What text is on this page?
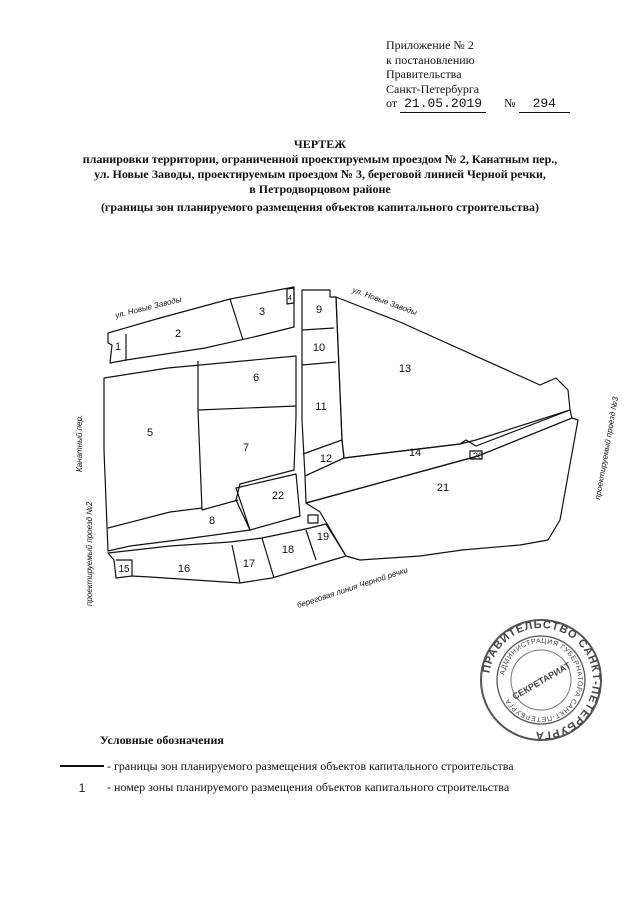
Приложение № 2
к постановлению
Правительства
Санкт-Петербурга
от 21.05.2019 № 294
ЧЕРТЕЖ
планировки территории, ограниченной проектируемым проездом № 2, Канатным пер.,
ул. Новые Заводы, проектируемым проездом № 3, береговой линией Черной речки,
в Петродворцовом районе
(границы зон планируемого размещения объектов капитального строительства)
1
2
3
4
5
6
7
8
9
10
11
12
13
14
15	16	17
18
19
20
21
22
ул. Новые Заводы	ул. Новые Заводы
Канатный пер.	проектируемый проезд №3
проектируемый проезд №2	береговая линия Черной речки
ПРАВИТЕЛЬСТВО САНКТ-ПЕТЕРБУРГА
АДМИНИСТРАЦИЯ ГУБЕРНАТОРА САНКТ-ПЕТЕРБУРГА
СЕКРЕТАРИАТ
Условные обозначения
- границы зон планируемого размещения объектов капитального строительства
1 - номер зоны планируемого размещения объектов капитального строительства
